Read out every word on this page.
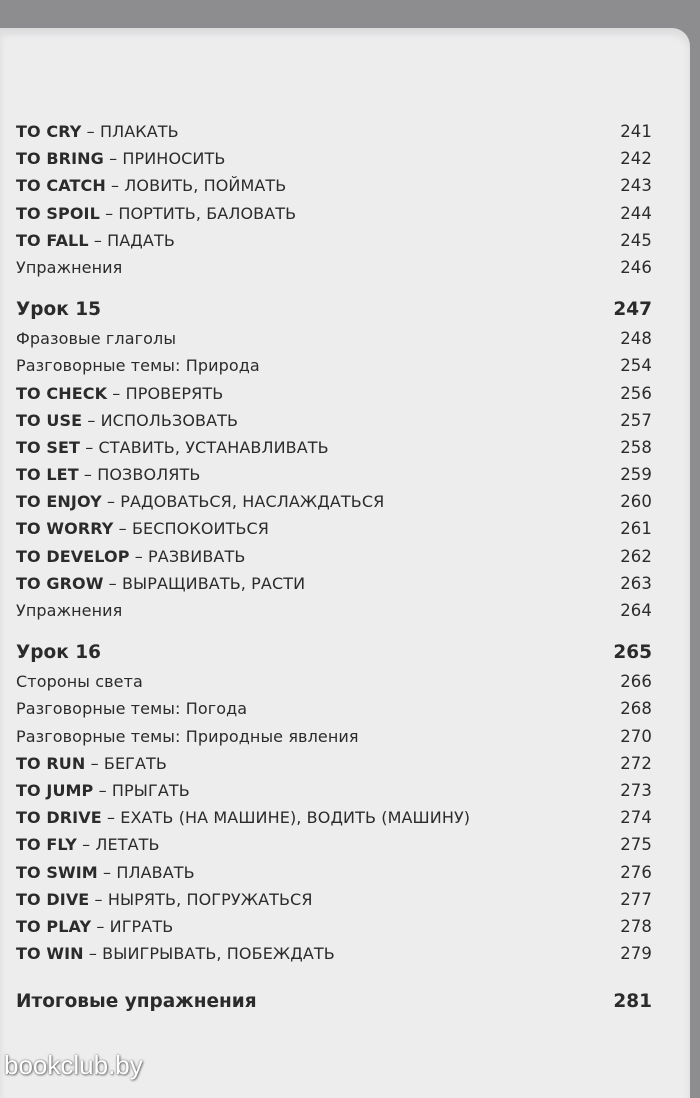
TO CRY – ПЛАКАТЬ	241
TO BRING – ПРИНОСИТЬ	242
TO CATCH – ЛОВИТЬ, ПОЙМАТЬ	243
TO SPOIL – ПОРТИТЬ, БАЛОВАТЬ	244
TO FALL – ПАДАТЬ	245
Упражнения	246
Урок 15	247
Фразовые глаголы	248
Разговорные темы: Природа	254
TO CHECK – ПРОВЕРЯТЬ	256
TO USE – ИСПОЛЬЗОВАТЬ	257
TO SET – СТАВИТЬ, УСТАНАВЛИВАТЬ	258
TO LET – ПОЗВОЛЯТЬ	259
TO ENJOY – РАДОВАТЬСЯ, НАСЛАЖДАТЬСЯ	260
TO WORRY – БЕСПОКОИТЬСЯ	261
TO DEVELOP – РАЗВИВАТЬ	262
TO GROW – ВЫРАЩИВАТЬ, РАСТИ	263
Упражнения	264
Урок 16	265
Стороны света	266
Разговорные темы: Погода	268
Разговорные темы: Природные явления	270
TO RUN – БЕГАТЬ	272
TO JUMP – ПРЫГАТЬ	273
TO DRIVE – ЕХАТЬ (НА МАШИНЕ), ВОДИТЬ (МАШИНУ)	274
TO FLY – ЛЕТАТЬ	275
TO SWIM – ПЛАВАТЬ	276
TO DIVE – НЫРЯТЬ, ПОГРУЖАТЬСЯ	277
TO PLAY – ИГРАТЬ	278
TO WIN – ВЫИГРЫВАТЬ, ПОБЕЖДАТЬ	279
Итоговые упражнения	281
bookclub.by
